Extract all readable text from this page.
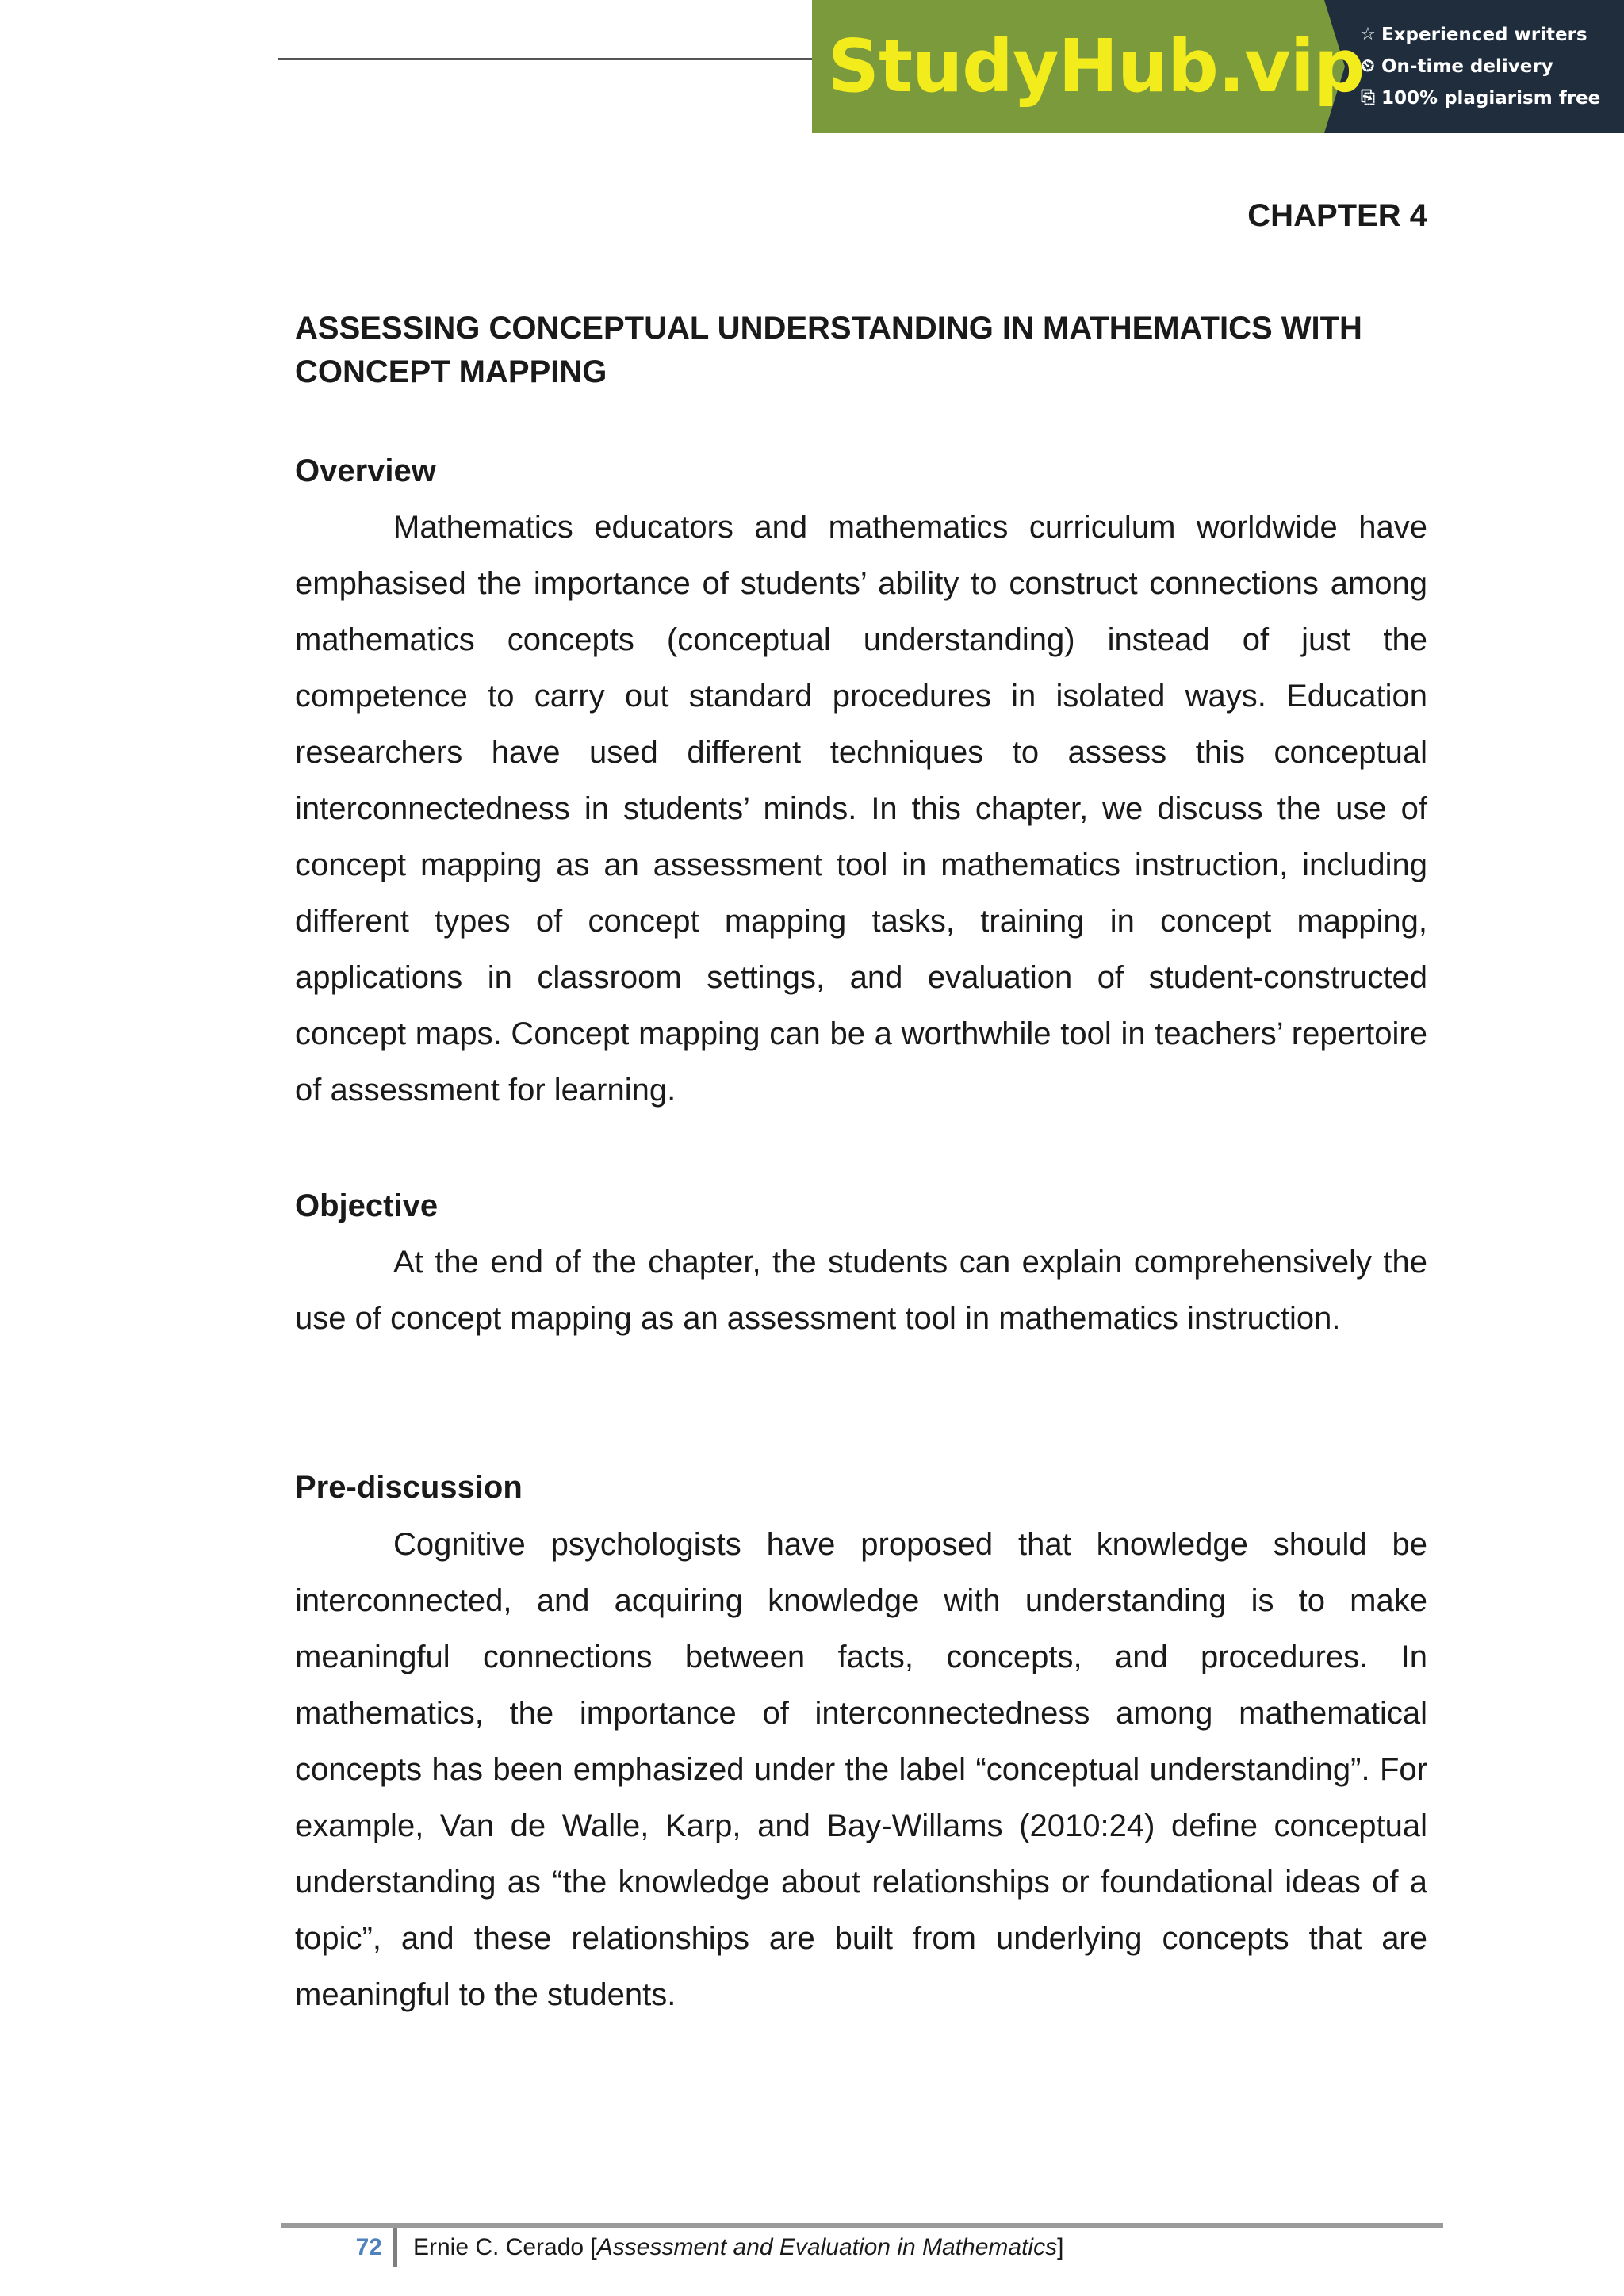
StudyHub.vip
☆ Experienced writers
⏲ On-time delivery
⎘ 100% plagiarism free
CHAPTER 4
ASSESSING CONCEPTUAL UNDERSTANDING IN MATHEMATICS WITH CONCEPT MAPPING
Overview
Mathematics educators and mathematics curriculum worldwide have emphasised the importance of students’ ability to construct connections among mathematics concepts (conceptual understanding) instead of just the competence to carry out standard procedures in isolated ways. Education researchers have used different techniques to assess this conceptual interconnectedness in students’ minds. In this chapter, we discuss the use of concept mapping as an assessment tool in mathematics instruction, including different types of concept mapping tasks, training in concept mapping, applications in classroom settings, and evaluation of student-constructed concept maps. Concept mapping can be a worthwhile tool in teachers’ repertoire of assessment for learning.
Objective
At the end of the chapter, the students can explain comprehensively the use of concept mapping as an assessment tool in mathematics instruction.
Pre-discussion
Cognitive psychologists have proposed that knowledge should be interconnected, and acquiring knowledge with understanding is to make meaningful connections between facts, concepts, and procedures. In mathematics, the importance of interconnectedness among mathematical concepts has been emphasized under the label “conceptual understanding”. For example, Van de Walle, Karp, and Bay-Willams (2010:24) define conceptual understanding as “the knowledge about relationships or foundational ideas of a topic”, and these relationships are built from underlying concepts that are meaningful to the students.
72	Ernie C. Cerado [Assessment and Evaluation in Mathematics]
